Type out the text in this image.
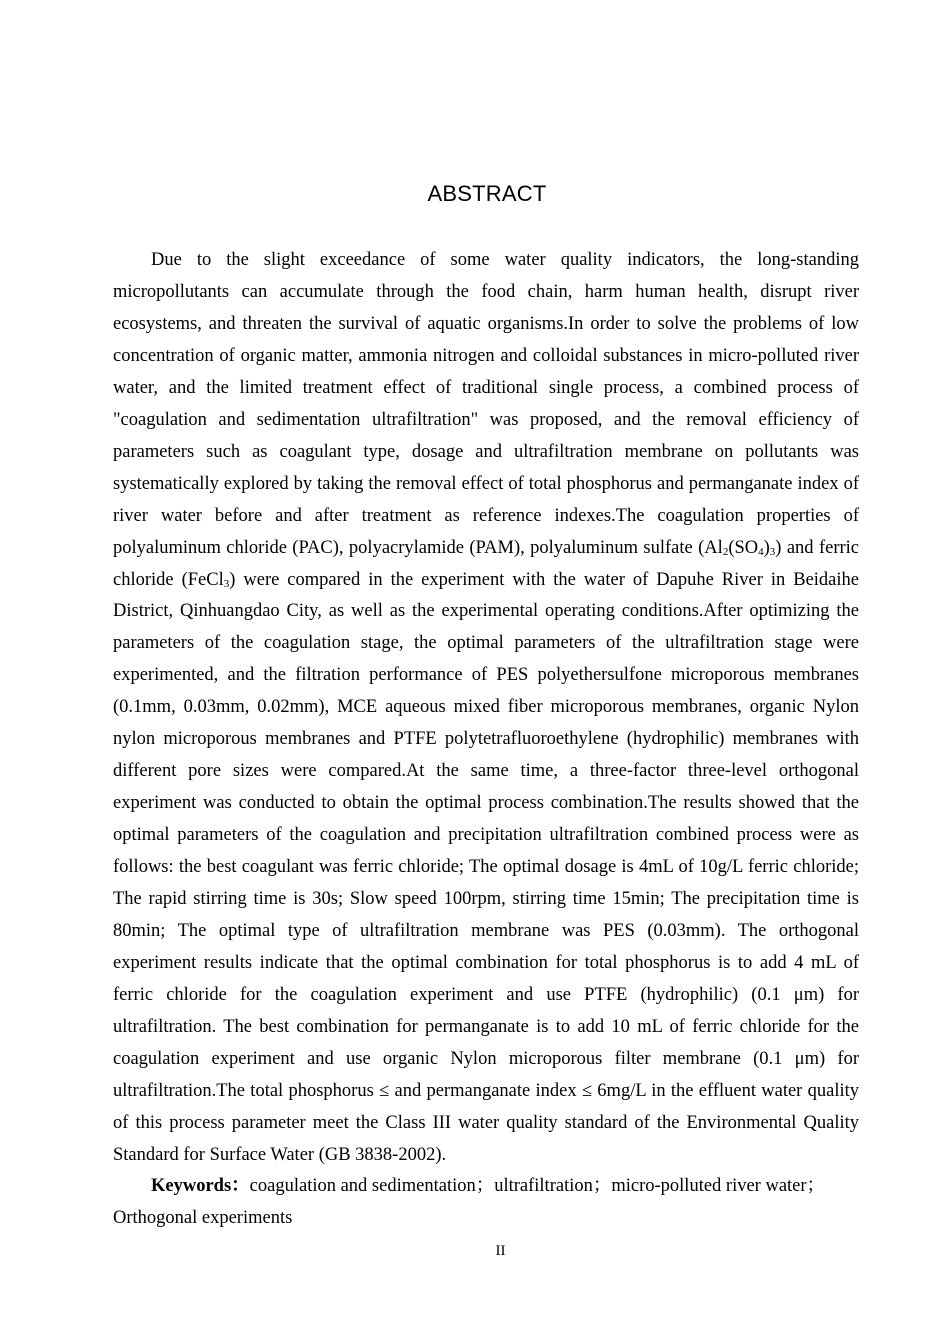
ABSTRACT

Due to the slight exceedance of some water quality indicators, the long-standing micropollutants can accumulate through the food chain, harm human health, disrupt river ecosystems, and threaten the survival of aquatic organisms.In order to solve the problems of low concentration of organic matter, ammonia nitrogen and colloidal substances in micro-polluted river water, and the limited treatment effect of traditional single process, a combined process of "coagulation and sedimentation ultrafiltration" was proposed, and the removal efficiency of parameters such as coagulant type, dosage and ultrafiltration membrane on pollutants was systematically explored by taking the removal effect of total phosphorus and permanganate index of river water before and after treatment as reference indexes.The coagulation properties of polyaluminum chloride (PAC), polyacrylamide (PAM), polyaluminum sulfate $(Al_2(SO_4)_3)$ and ferric chloride (FeCl$_3$) were compared in the experiment with the water of Dapuhe River in Beidaihe District, Qinhuangdao City, as well as the experimental operating conditions.After optimizing the parameters of the coagulation stage, the optimal parameters of the ultrafiltration stage were experimented, and the filtration performance of PES polyethersulfone microporous membranes (0.1mm, 0.03mm, 0.02mm), MCE aqueous mixed fiber microporous membranes, organic Nylon nylon microporous membranes and PTFE polytetrafluoroethylene (hydrophilic) membranes with different pore sizes were compared.At the same time, a three-factor three-level orthogonal experiment was conducted to obtain the optimal process combination.The results showed that the optimal parameters of the coagulation and precipitation ultrafiltration combined process were as follows: the best coagulant was ferric chloride; The optimal dosage is 4mL of 10g/L ferric chloride; The rapid stirring time is 30s; Slow speed 100rpm, stirring time 15min; The precipitation time is 80min; The optimal type of ultrafiltration membrane was PES (0.03mm). The orthogonal experiment results indicate that the optimal combination for total phosphorus is to add 4 mL of ferric chloride for the coagulation experiment and use PTFE (hydrophilic) (0.1 μm) for ultrafiltration. The best combination for permanganate is to add 10 mL of ferric chloride for the coagulation experiment and use organic Nylon microporous filter membrane (0.1 μm) for ultrafiltration.The total phosphorus ≤ and permanganate index ≤ 6mg/L in the effluent water quality of this process parameter meet the Class III water quality standard of the Environmental Quality Standard for Surface Water (GB 3838-2002).

Keywords：coagulation and sedimentation；ultrafiltration；micro-polluted river water；Orthogonal experiments

II
